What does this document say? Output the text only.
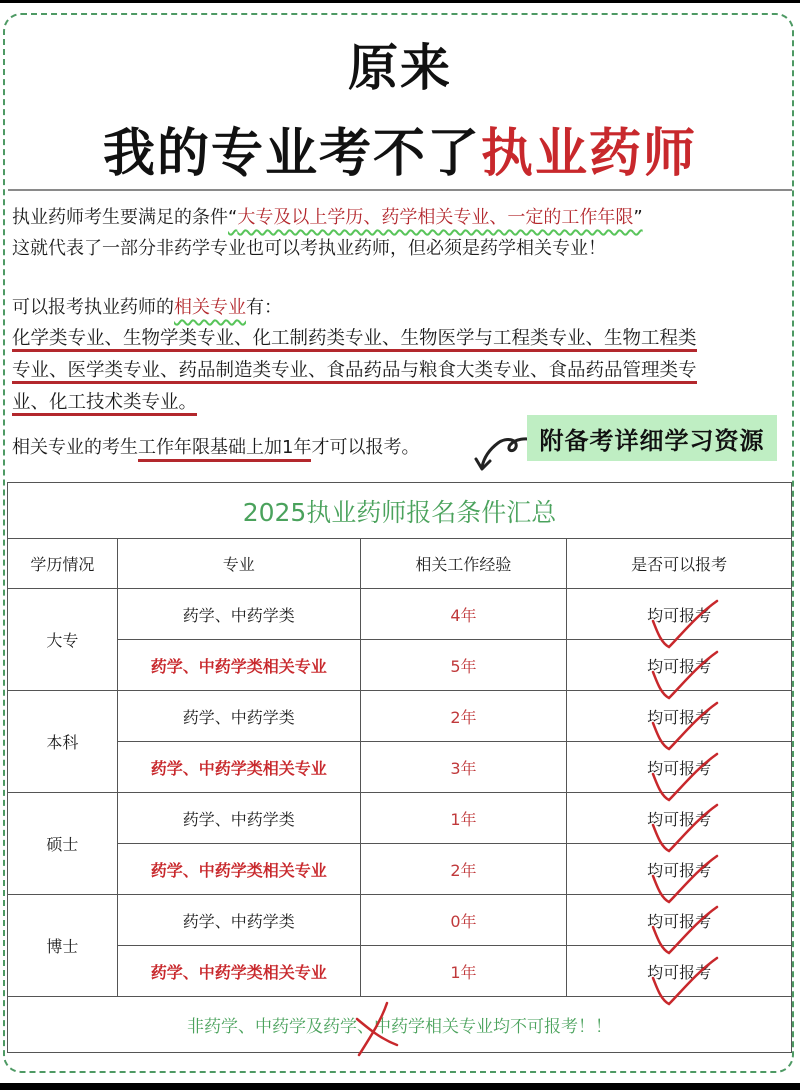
原来
我的专业考不了执业药师
执业药师考生要满足的条件“大专及以上学历、药学相关专业、一定的工作年限”
这就代表了一部分非药学专业也可以考执业药师，但必须是药学相关专业！
可以报考执业药师的相关专业有：
化学类专业、生物学类专业、化工制药类专业、生物医学与工程类专业、生物工程类
专业、医学类专业、药品制造类专业、食品药品与粮食大类专业、食品药品管理类专
业、化工技术类专业。
相关专业的考生工作年限基础上加1年才可以报考。	附备考详细学习资源
2025执业药师报名条件汇总			
学历情况	专业	相关工作经验	是否可以报考
大专	药学、中药学类	4年	均可报考

	药学、中药学类相关专业	5年	均可报考

本科	药学、中药学类	2年	均可报考

	药学、中药学类相关专业	3年	均可报考

硕士	药学、中药学类	1年	均可报考

	药学、中药学类相关专业	2年	均可报考

博士	药学、中药学类	0年	均可报考

	药学、中药学类相关专业	1年	均可报考

非药学、中药学及药学、中药学相关专业均不可报考！！			
